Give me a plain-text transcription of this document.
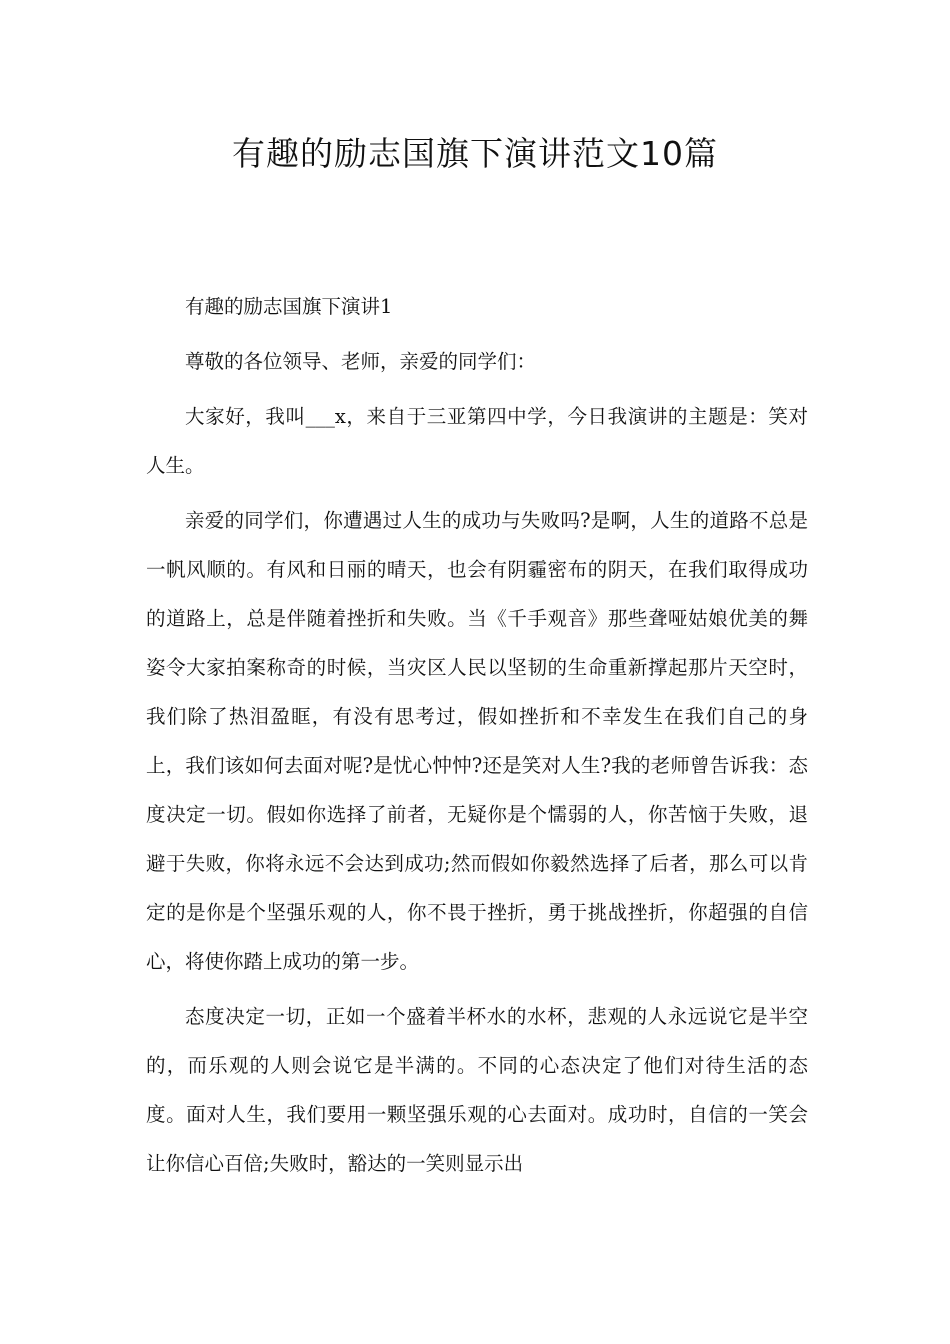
有趣的励志国旗下演讲范文10篇

有趣的励志国旗下演讲1

尊敬的各位领导、老师，亲爱的同学们：

大家好，我叫___x，来自于三亚第四中学，今日我演讲的主题是：笑对人生。

亲爱的同学们，你遭遇过人生的成功与失败吗?是啊，人生的道路不总是一帆风顺的。有风和日丽的晴天，也会有阴霾密布的阴天，在我们取得成功的道路上，总是伴随着挫折和失败。当《千手观音》那些聋哑姑娘优美的舞姿令大家拍案称奇的时候，当灾区人民以坚韧的生命重新撑起那片天空时，我们除了热泪盈眶，有没有思考过，假如挫折和不幸发生在我们自己的身上，我们该如何去面对呢?是忧心忡忡?还是笑对人生?我的老师曾告诉我：态度决定一切。假如你选择了前者，无疑你是个懦弱的人，你苦恼于失败，退避于失败，你将永远不会达到成功;然而假如你毅然选择了后者，那么可以肯定的是你是个坚强乐观的人，你不畏于挫折，勇于挑战挫折，你超强的自信心，将使你踏上成功的第一步。

态度决定一切，正如一个盛着半杯水的水杯，悲观的人永远说它是半空的，而乐观的人则会说它是半满的。不同的心态决定了他们对待生活的态度。面对人生，我们要用一颗坚强乐观的心去面对。成功时，自信的一笑会让你信心百倍;失败时，豁达的一笑则显示出
